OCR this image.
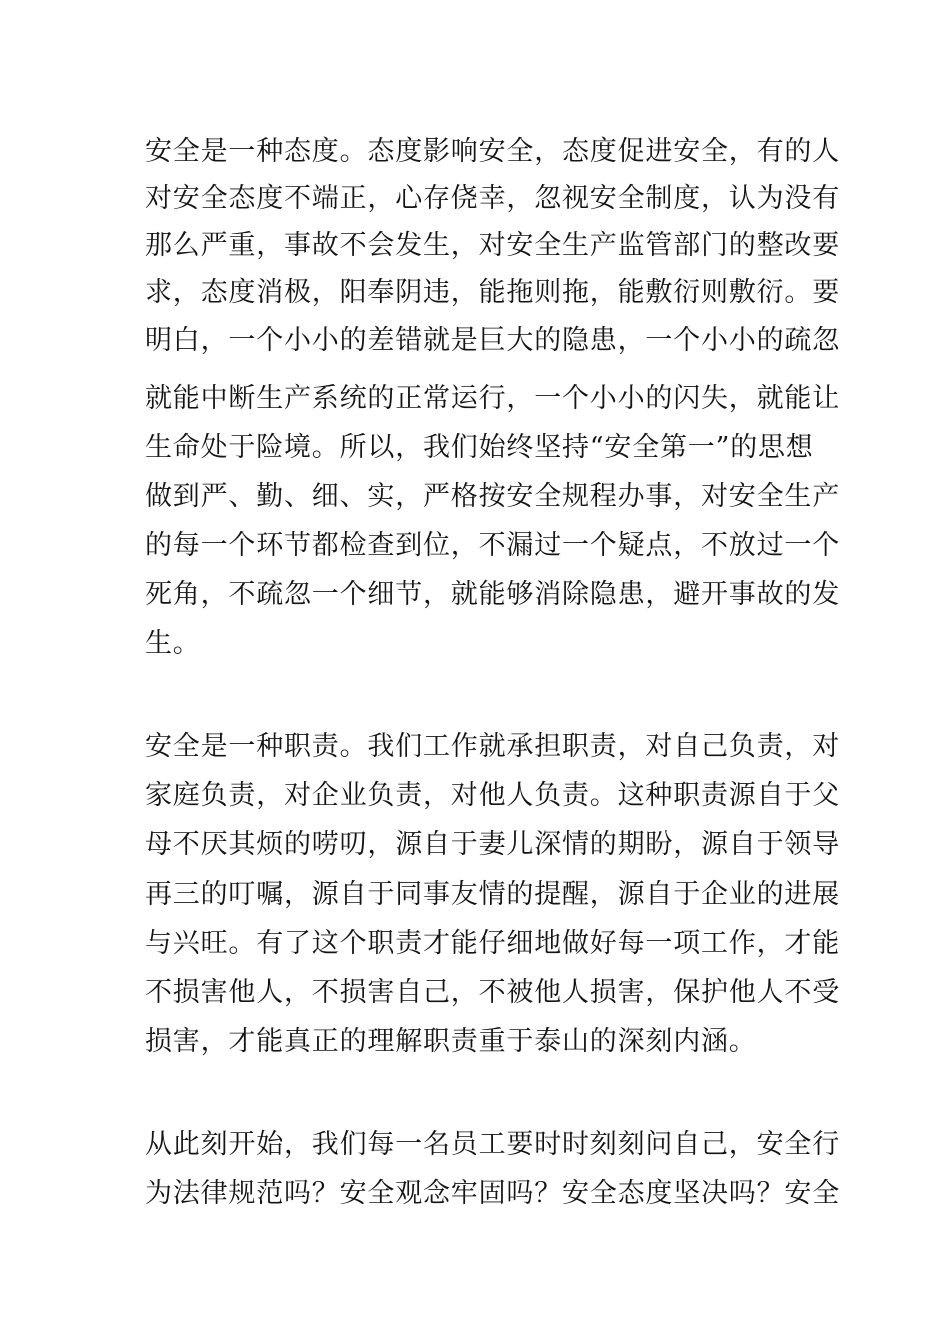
安全是一种态度。态度影响安全，态度促进安全，有的人
对安全态度不端正，心存侥幸，忽视安全制度，认为没有
那么严重，事故不会发生，对安全生产监管部门的整改要
求，态度消极，阳奉阴违，能拖则拖，能敷衍则敷衍。要
明白，一个小小的差错就是巨大的隐患，一个小小的疏忽
就能中断生产系统的正常运行，一个小小的闪失，就能让
生命处于险境。所以，我们始终坚持“安全第一”的思想
做到严、勤、细、实，严格按安全规程办事，对安全生产
的每一个环节都检查到位，不漏过一个疑点，不放过一个
死角，不疏忽一个细节，就能够消除隐患，避开事故的发
生。
安全是一种职责。我们工作就承担职责，对自己负责，对
家庭负责，对企业负责，对他人负责。这种职责源自于父
母不厌其烦的唠叨，源自于妻儿深情的期盼，源自于领导
再三的叮嘱，源自于同事友情的提醒，源自于企业的进展
与兴旺。有了这个职责才能仔细地做好每一项工作，才能
不损害他人，不损害自己，不被他人损害，保护他人不受
损害，才能真正的理解职责重于泰山的深刻内涵。
从此刻开始，我们每一名员工要时时刻刻问自己，安全行
为法律规范吗？安全观念牢固吗？安全态度坚决吗？安全
